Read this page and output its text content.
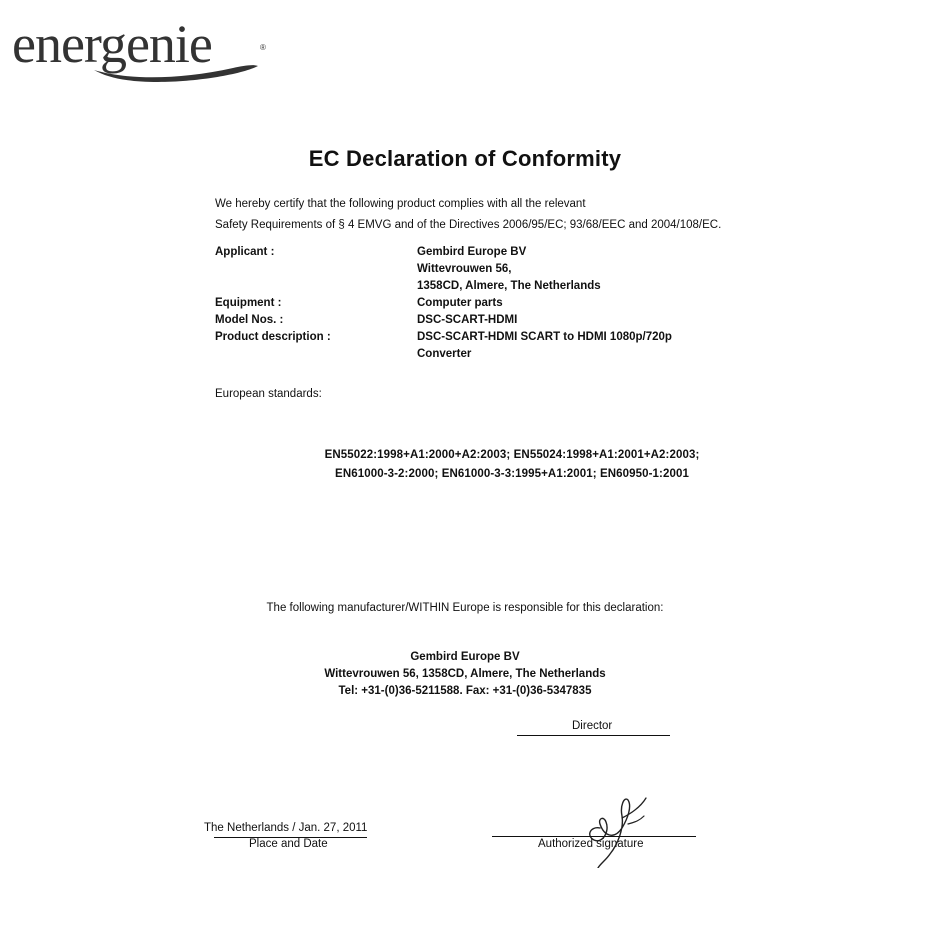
energenie	®
EC Declaration of Conformity
We hereby certify that the following product complies with all the relevant
Safety Requirements of § 4 EMVG and of the Directives 2006/95/EC; 93/68/EEC and 2004/108/EC.
Applicant :	Gembird Europe BV
Wittevrouwen 56,
1358CD, Almere, The Netherlands
Equipment :	Computer parts
Model Nos. :	DSC-SCART-HDMI
Product description :	DSC-SCART-HDMI SCART to HDMI 1080p/720p
Converter
European standards:
EN55022:1998+A1:2000+A2:2003; EN55024:1998+A1:2001+A2:2003;
EN61000-3-2:2000; EN61000-3-3:1995+A1:2001; EN60950-1:2001
The following manufacturer/WITHIN Europe is responsible for this declaration:
Gembird Europe BV
Wittevrouwen 56, 1358CD, Almere, The Netherlands
Tel: +31-(0)36-5211588. Fax: +31-(0)36-5347835
Director
The Netherlands / Jan. 27, 2011
Place and Date	Authorized signature
